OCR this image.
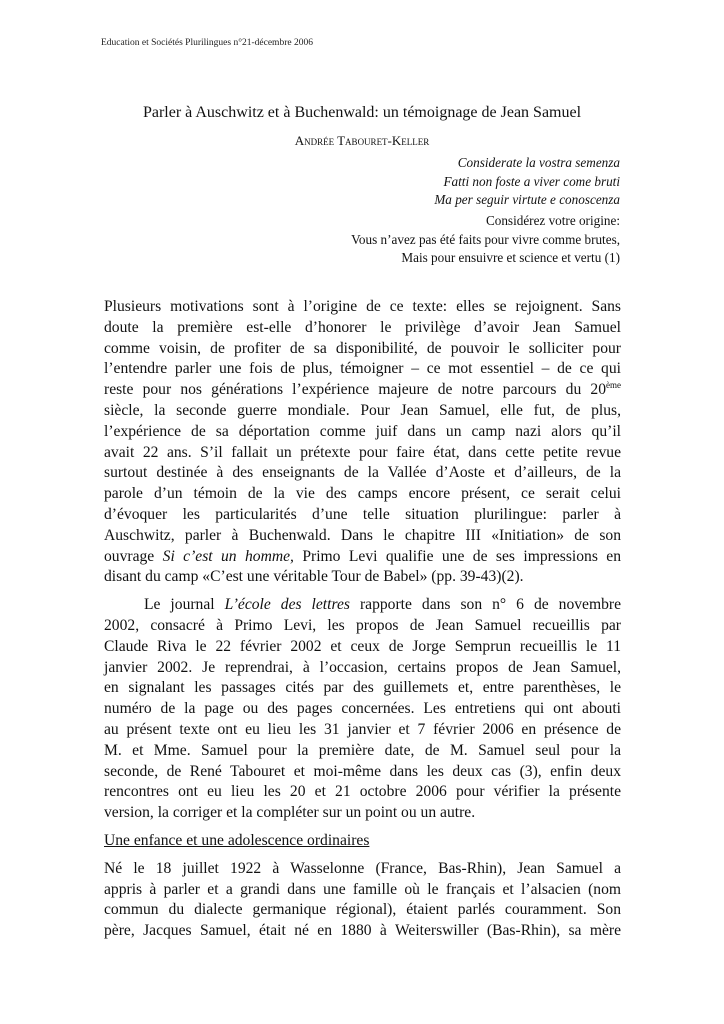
Education et Sociétés Plurilingues n°21-décembre 2006
Parler à Auschwitz et à Buchenwald: un témoignage de Jean Samuel
Andrée Tabouret-Keller
Considerate la vostra semenza
Fatti non foste a viver come bruti
Ma per seguir virtute e conoscenza
Considérez votre origine:
Vous n’avez pas été faits pour vivre comme brutes,
Mais pour ensuivre et science et vertu (1)

Plusieurs motivations sont à l’origine de ce texte: elles se rejoignent. Sans
doute la première est-elle d’honorer le privilège d’avoir Jean Samuel
comme voisin, de profiter de sa disponibilité, de pouvoir le solliciter pour
l’entendre parler une fois de plus, témoigner – ce mot essentiel – de ce qui
reste pour nos générations l’expérience majeure de notre parcours du 20ème
siècle, la seconde guerre mondiale. Pour Jean Samuel, elle fut, de plus,
l’expérience de sa déportation comme juif dans un camp nazi alors qu’il
avait 22 ans. S’il fallait un prétexte pour faire état, dans cette petite revue
surtout destinée à des enseignants de la Vallée d’Aoste et d’ailleurs, de la
parole d’un témoin de la vie des camps encore présent, ce serait celui
d’évoquer les particularités d’une telle situation plurilingue: parler à
Auschwitz, parler à Buchenwald. Dans le chapitre III «Initiation» de son
ouvrage Si c’est un homme, Primo Levi qualifie une de ses impressions en
disant du camp «C’est une véritable Tour de Babel» (pp. 39-43)(2).

Le journal L’école des lettres rapporte dans son n° 6 de novembre
2002, consacré à Primo Levi, les propos de Jean Samuel recueillis par
Claude Riva le 22 février 2002 et ceux de Jorge Semprun recueillis le 11
janvier 2002. Je reprendrai, à l’occasion, certains propos de Jean Samuel,
en signalant les passages cités par des guillemets et, entre parenthèses, le
numéro de la page ou des pages concernées. Les entretiens qui ont abouti
au présent texte ont eu lieu les 31 janvier et 7 février 2006 en présence de
M. et Mme. Samuel pour la première date, de M. Samuel seul pour la
seconde, de René Tabouret et moi-même dans les deux cas (3), enfin deux
rencontres ont eu lieu les 20 et 21 octobre 2006 pour vérifier la présente
version, la corriger et la compléter sur un point ou un autre.

Une enfance et une adolescence ordinaires

Né le 18 juillet 1922 à Wasselonne (France, Bas-Rhin), Jean Samuel a
appris à parler et a grandi dans une famille où le français et l’alsacien (nom
commun du dialecte germanique régional), étaient parlés couramment. Son
père, Jacques Samuel, était né en 1880 à Weiterswiller (Bas-Rhin), sa mère
